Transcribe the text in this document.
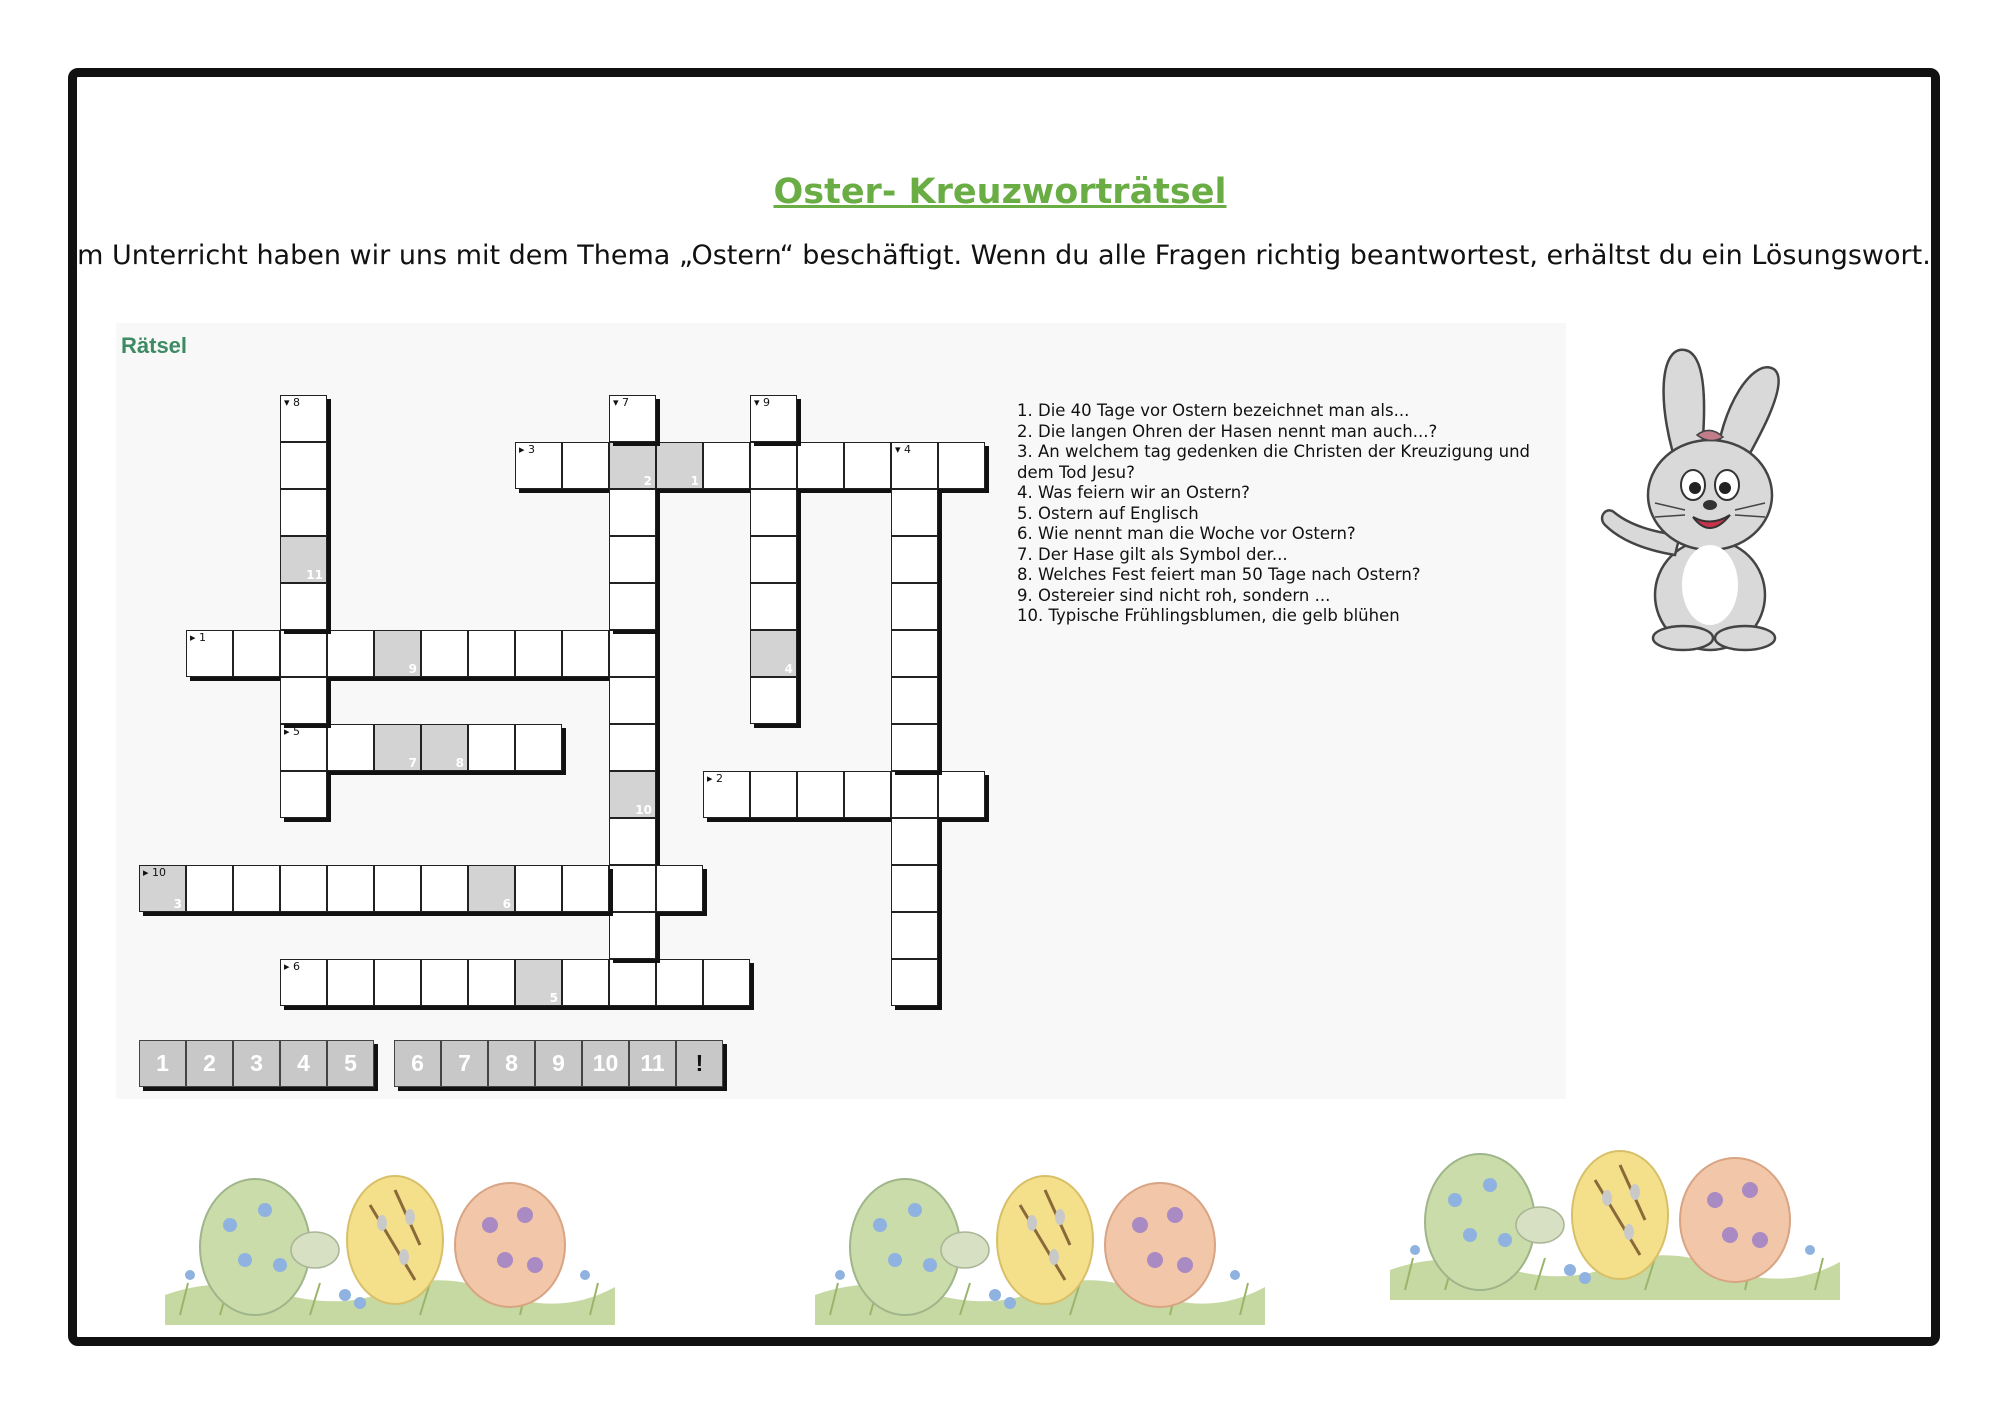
Oster- Kreuzworträtsel

Im Unterricht haben wir uns mit dem Thema „Ostern“ beschäftigt. Wenn du alle Fragen richtig beantwortest, erhältst du ein Lösungswort.

▸ 1
9
▸ 2
▸ 3
2	1
▾ 4
▸ 5
7	8
▸ 6
5
▾ 7
10
▾ 8
11
▾ 9
4
▸ 10
3	6
1	2	3	4	5	6	7	8	9	10 11	!
Rätsel
1. Die 40 Tage vor Ostern bezeichnet man als...
2. Die langen Ohren der Hasen nennt man auch...?
3. An welchem tag gedenken die Christen der Kreuzigung und dem Tod Jesu?
4. Was feiern wir an Ostern?
5. Ostern auf Englisch
6. Wie nennt man die Woche vor Ostern?
7. Der Hase gilt als Symbol der...
8. Welches Fest feiert man 50 Tage nach Ostern?
9. Ostereier sind nicht roh, sondern ...
10. Typische Frühlingsblumen, die gelb blühen
